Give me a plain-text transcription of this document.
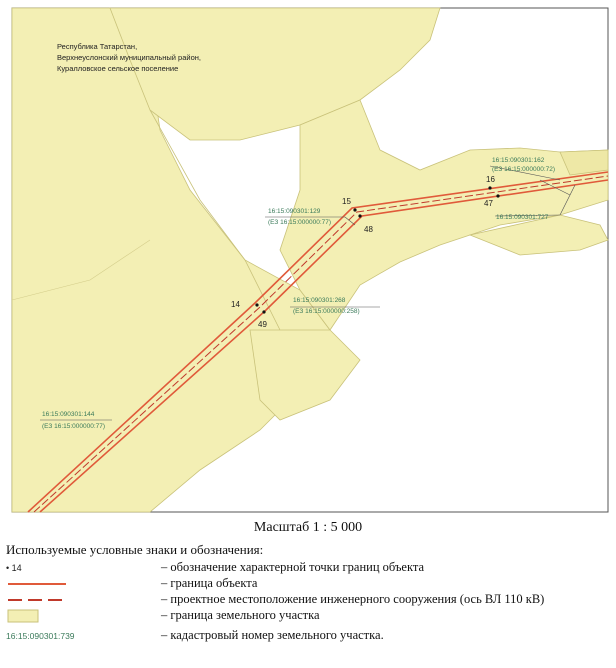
15
48
14
49
16
47
Республика Татарстан,
Верхнеуслонский муниципальный район,
Куралловское сельское поселение
16:15:090301:162
(ЕЗ 16:15:000000:72)
16:15:090301:129
(ЕЗ 16:15:000000:77)
16:15:090301:268
(ЕЗ 16:15:000000:258)
16:15:090301:144
(ЕЗ 16:15:000000:77)
16:15:090301:727
Масштаб 1 : 5 000
Используемые условные знаки и обозначения:
• 14	– обозначение характерной точки границ объекта
– граница объекта
– проектное местоположение инженерного сооружения (ось ВЛ 110 кВ)
– граница земельного участка
16:15:090301:739	– кадастровый номер земельного участка.
